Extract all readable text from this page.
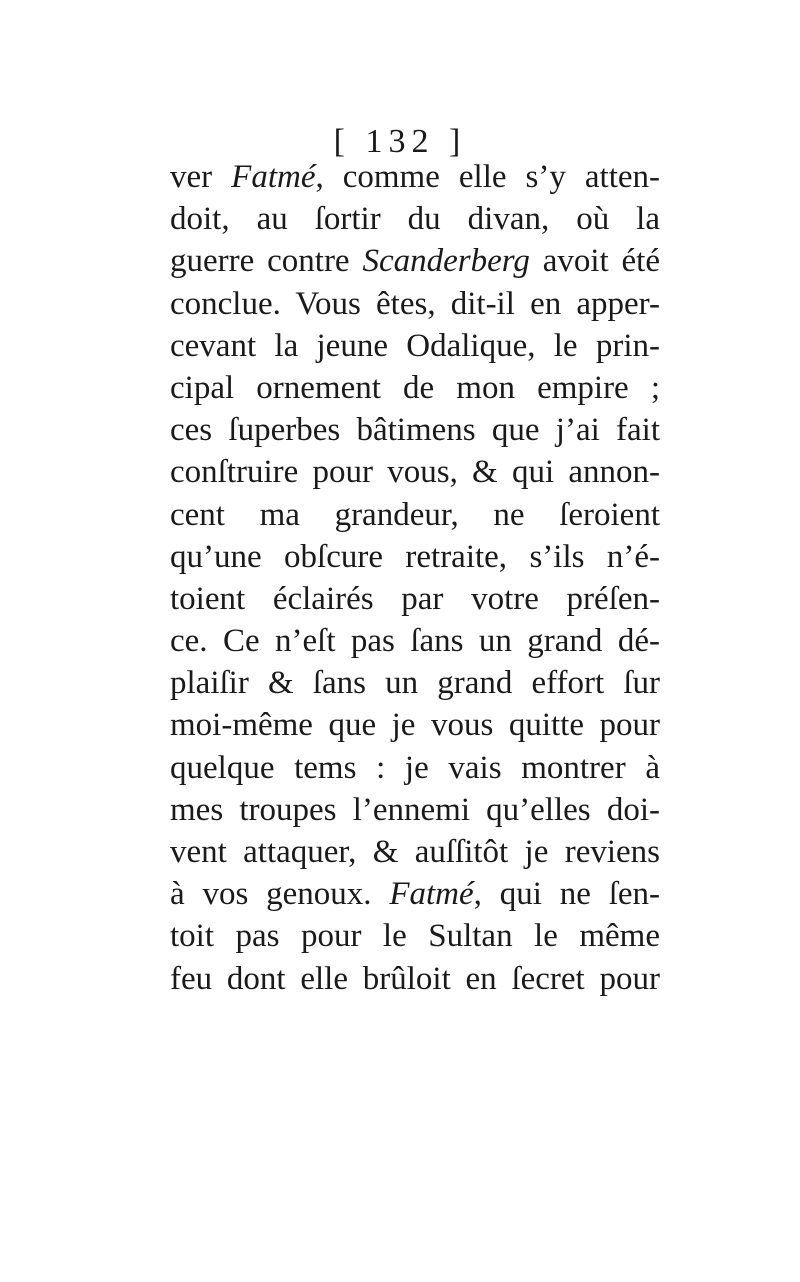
[ 132 ]
ver Fatmé, comme elle s’y atten-
doit, au ſortir du divan, où la
guerre contre Scanderberg avoit été
conclue. Vous êtes, dit-il en apper-
cevant la jeune Odalique, le prin-
cipal ornement de mon empire ;
ces ſuperbes bâtimens que j’ai fait
conſtruire pour vous, & qui annon-
cent ma grandeur, ne ſeroient
qu’une obſcure retraite, s’ils n’é-
toient éclairés par votre préſen-
ce. Ce n’eſt pas ſans un grand dé-
plaiſir & ſans un grand effort ſur
moi-même que je vous quitte pour
quelque tems : je vais montrer à
mes troupes l’ennemi qu’elles doi-
vent attaquer, & auſſitôt je reviens
à vos genoux. Fatmé, qui ne ſen-
toit pas pour le Sultan le même
feu dont elle brûloit en ſecret pour
